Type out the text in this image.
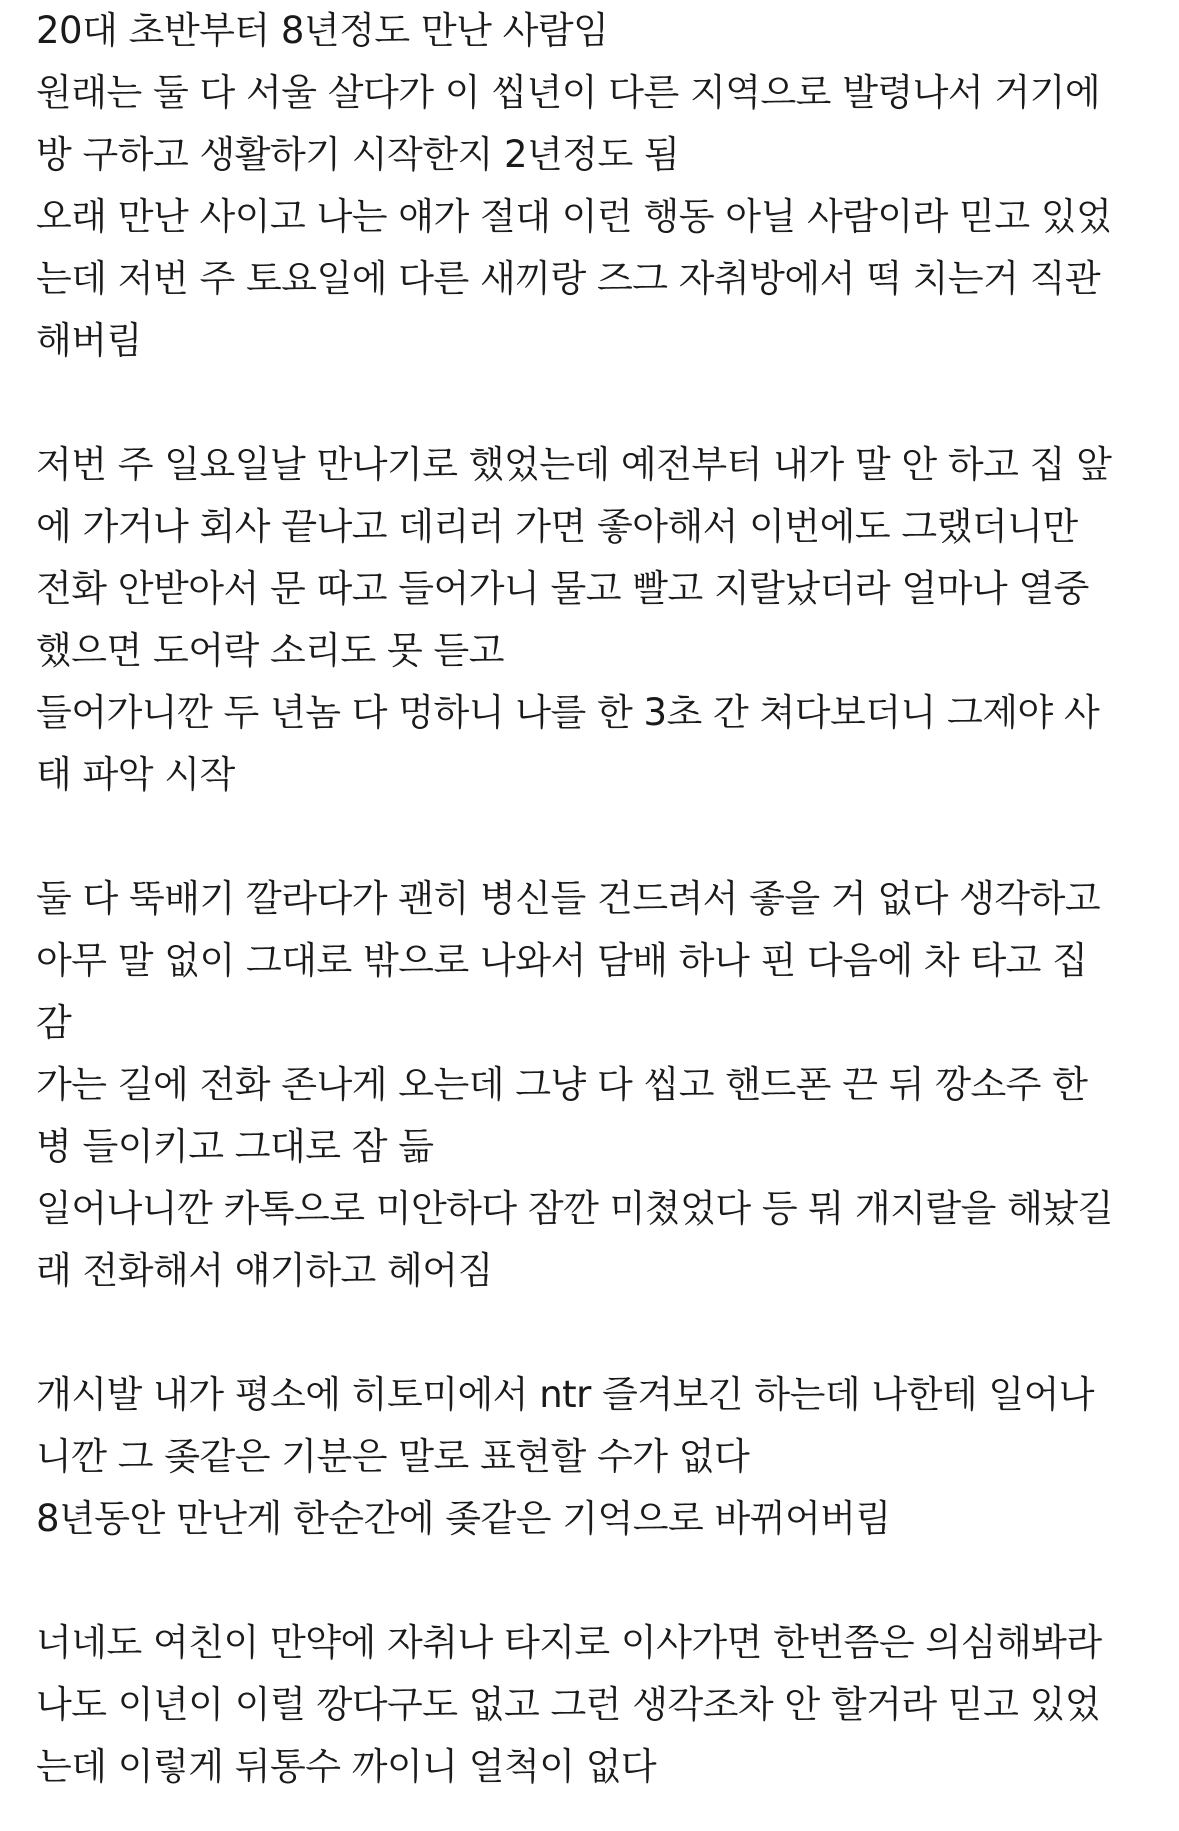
20대 초반부터 8년정도 만난 사람임
원래는 둘 다 서울 살다가 이 씹년이 다른 지역으로 발령나서 거기에
방 구하고 생활하기 시작한지 2년정도 됨
오래 만난 사이고 나는 얘가 절대 이런 행동 아닐 사람이라 믿고 있었
는데 저번 주 토요일에 다른 새끼랑 즈그 자취방에서 떡 치는거 직관
해버림
저번 주 일요일날 만나기로 했었는데 예전부터 내가 말 안 하고 집 앞
에 가거나 회사 끝나고 데리러 가면 좋아해서 이번에도 그랬더니만
전화 안받아서 문 따고 들어가니 물고 빨고 지랄났더라 얼마나 열중
했으면 도어락 소리도 못 듣고
들어가니깐 두 년놈 다 멍하니 나를 한 3초 간 쳐다보더니 그제야 사
태 파악 시작
둘 다 뚝배기 깔라다가 괜히 병신들 건드려서 좋을 거 없다 생각하고
아무 말 없이 그대로 밖으로 나와서 담배 하나 핀 다음에 차 타고 집
감
가는 길에 전화 존나게 오는데 그냥 다 씹고 핸드폰 끈 뒤 깡소주 한
병 들이키고 그대로 잠 듦
일어나니깐 카톡으로 미안하다 잠깐 미쳤었다 등 뭐 개지랄을 해놨길
래 전화해서 얘기하고 헤어짐
개시발 내가 평소에 히토미에서 ntr 즐겨보긴 하는데 나한테 일어나
니깐 그 좆같은 기분은 말로 표현할 수가 없다
8년동안 만난게 한순간에 좆같은 기억으로 바뀌어버림
너네도 여친이 만약에 자취나 타지로 이사가면 한번쯤은 의심해봐라
나도 이년이 이럴 깡다구도 없고 그런 생각조차 안 할거라 믿고 있었
는데 이렇게 뒤통수 까이니 얼척이 없다
